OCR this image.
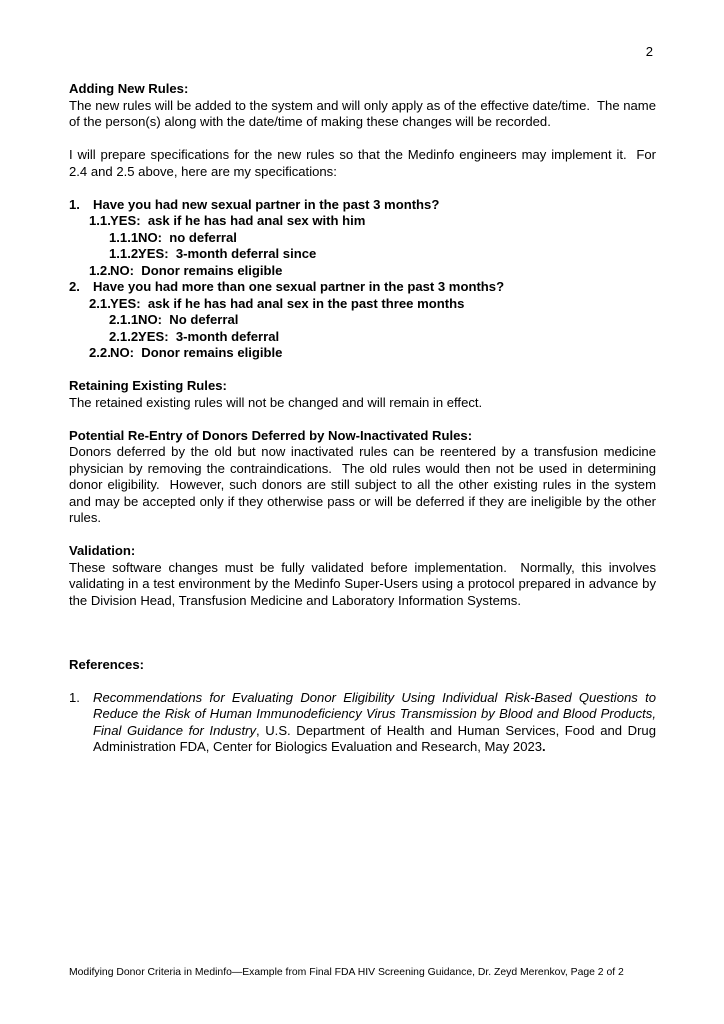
2
Adding New Rules:

The new rules will be added to the system and will only apply as of the effective date/time.  The name of the person(s) along with the date/time of making these changes will be recorded.

I will prepare specifications for the new rules so that the Medinfo engineers may implement it.  For 2.4 and 2.5 above, here are my specifications:

1. Have you had new sexual partner in the past 3 months?
1.1. YES:  ask if he has had anal sex with him
1.1.1.
NO:  no deferral
1.1.2.
YES:  3-month deferral since
1.2. NO:  Donor remains eligible
2. Have you had more than one sexual partner in the past 3 months?
2.1. YES:  ask if he has had anal sex in the past three months
2.1.1.
NO:  No deferral
2.1.2.
YES:  3-month deferral
2.2. NO:  Donor remains eligible
Retaining Existing Rules:

The retained existing rules will not be changed and will remain in effect.

Potential Re-Entry of Donors Deferred by Now-Inactivated Rules:

Donors deferred by the old but now inactivated rules can be reentered by a transfusion medicine physician by removing the contraindications.  The old rules would then not be used in determining donor eligibility.  However, such donors are still subject to all the other existing rules in the system and may be accepted only if they otherwise pass or will be deferred if they are ineligible by the other rules.

Validation:

These software changes must be fully validated before implementation.  Normally, this involves validating in a test environment by the Medinfo Super-Users using a protocol prepared in advance by the Division Head, Transfusion Medicine and Laboratory Information Systems.

References:
1. Recommendations for Evaluating Donor Eligibility Using Individual Risk-Based Questions to Reduce the Risk of Human Immunodeficiency Virus Transmission by Blood and Blood Products, Final Guidance for Industry, U.S. Department of Health and Human Services, Food and Drug Administration FDA, Center for Biologics Evaluation and Research, May 2023.
Modifying Donor Criteria in Medinfo—Example from Final FDA HIV Screening Guidance, Dr. Zeyd Merenkov, Page 2 of 2
